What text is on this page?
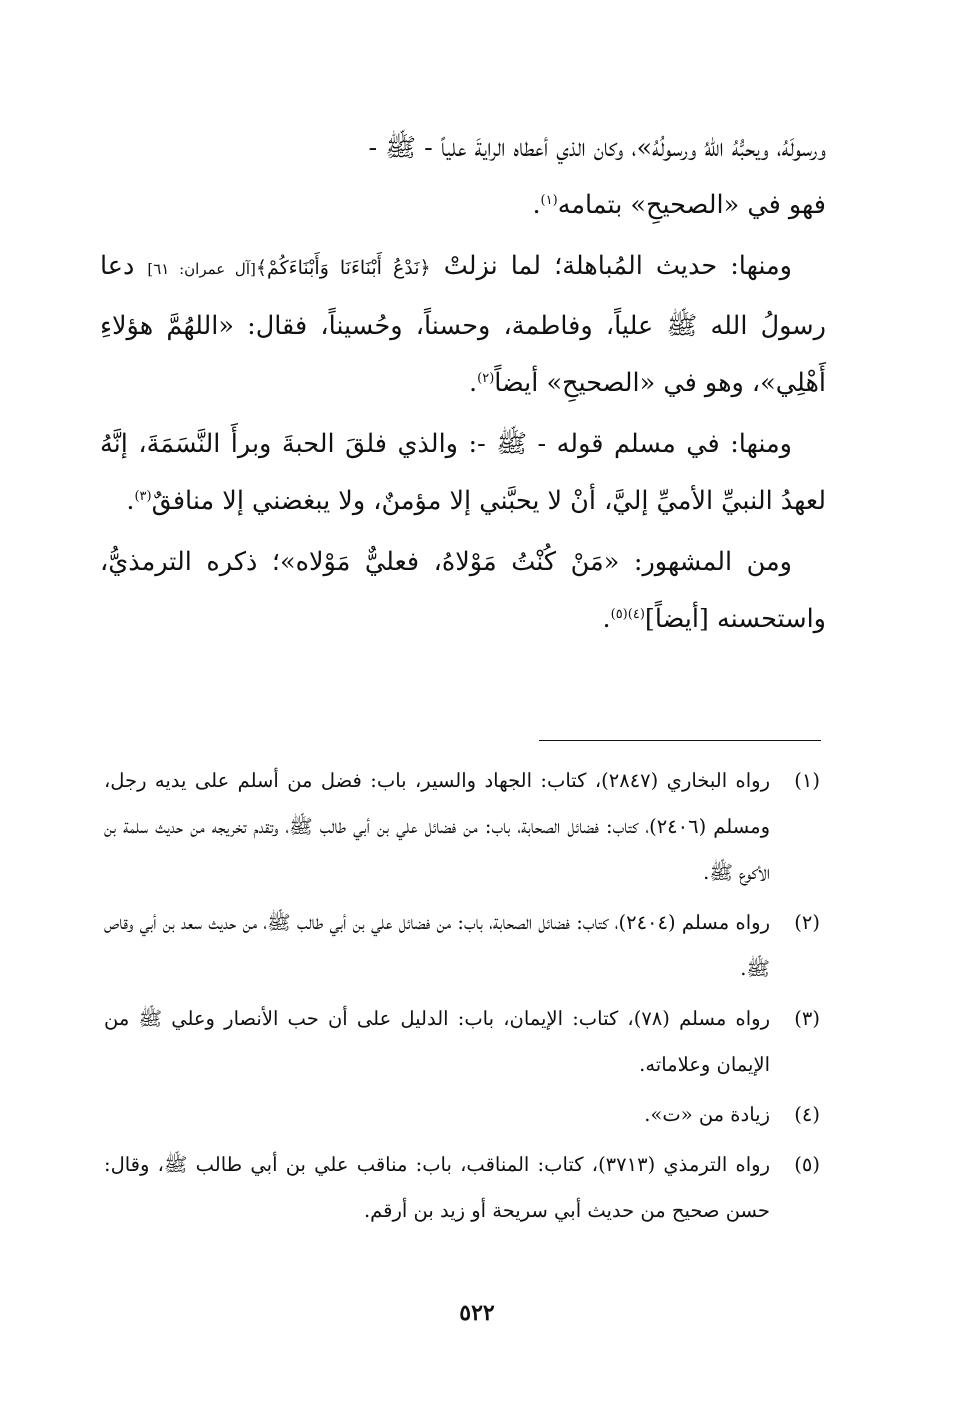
ورسولَهُ، ويحبُّهُ اللهُ ورسولُهُ»، وكان الذي أعطاه الرايةَ علياً - ﷺ -
فهو في «الصحيحِ» بتمامه$^{(١)}$.

ومنها: حديث المُباهلة؛ لما نزلتْ ﴿نَدْعُ أَبْنَاءَنَا وَأَبْنَاءَكُمْ﴾[آل عمران: ٦١] دعا رسولُ الله ﷺ علياً، وفاطمة، وحسناً، وحُسيناً، فقال: «اللهُمَّ هؤلاءِ أَهْلِي»، وهو في «الصحيحِ» أيضاً$^{(٢)}$.

ومنها: في مسلم قوله - ﷺ -: والذي فلقَ الحبةَ وبرأَ النَّسَمَةَ، إنَّهُ لعهدُ النبيِّ الأميِّ إليَّ، أنْ لا يحبَّني إلا مؤمنٌ، ولا يبغضني إلا منافقٌ$^{(٣)}$.

ومن المشهور: «مَنْ كُنْتُ مَوْلاهُ، فعليٌّ مَوْلاه»؛ ذكره الترمذيُّ، واستحسنه [أيضاً]$^{(٤)(٥)}$.

(١)
رواه البخاري (٢٨٤٧)، كتاب: الجهاد والسير، باب: فضل من أسلم على يديه رجل، ومسلم (٢٤٠٦)، كتاب: فضائل الصحابة، باب: من فضائل علي بن أبي طالب ﷺ، وتقدم تخريجه من حديث سلمة بن الأكوع ﷺ.
(٢)
رواه مسلم (٢٤٠٤)، كتاب: فضائل الصحابة، باب: من فضائل علي بن أبي طالب ﷺ، من حديث سعد بن أبي وقاص ﷺ.
(٣)
رواه مسلم (٧٨)، كتاب: الإيمان، باب: الدليل على أن حب الأنصار وعلي ﷺ من الإيمان وعلاماته.
(٤)
زيادة من «ت».
(٥)
رواه الترمذي (٣٧١٣)، كتاب: المناقب، باب: مناقب علي بن أبي طالب ﷺ، وقال: حسن صحيح من حديث أبي سريحة أو زيد بن أرقم.
٥٢٢
